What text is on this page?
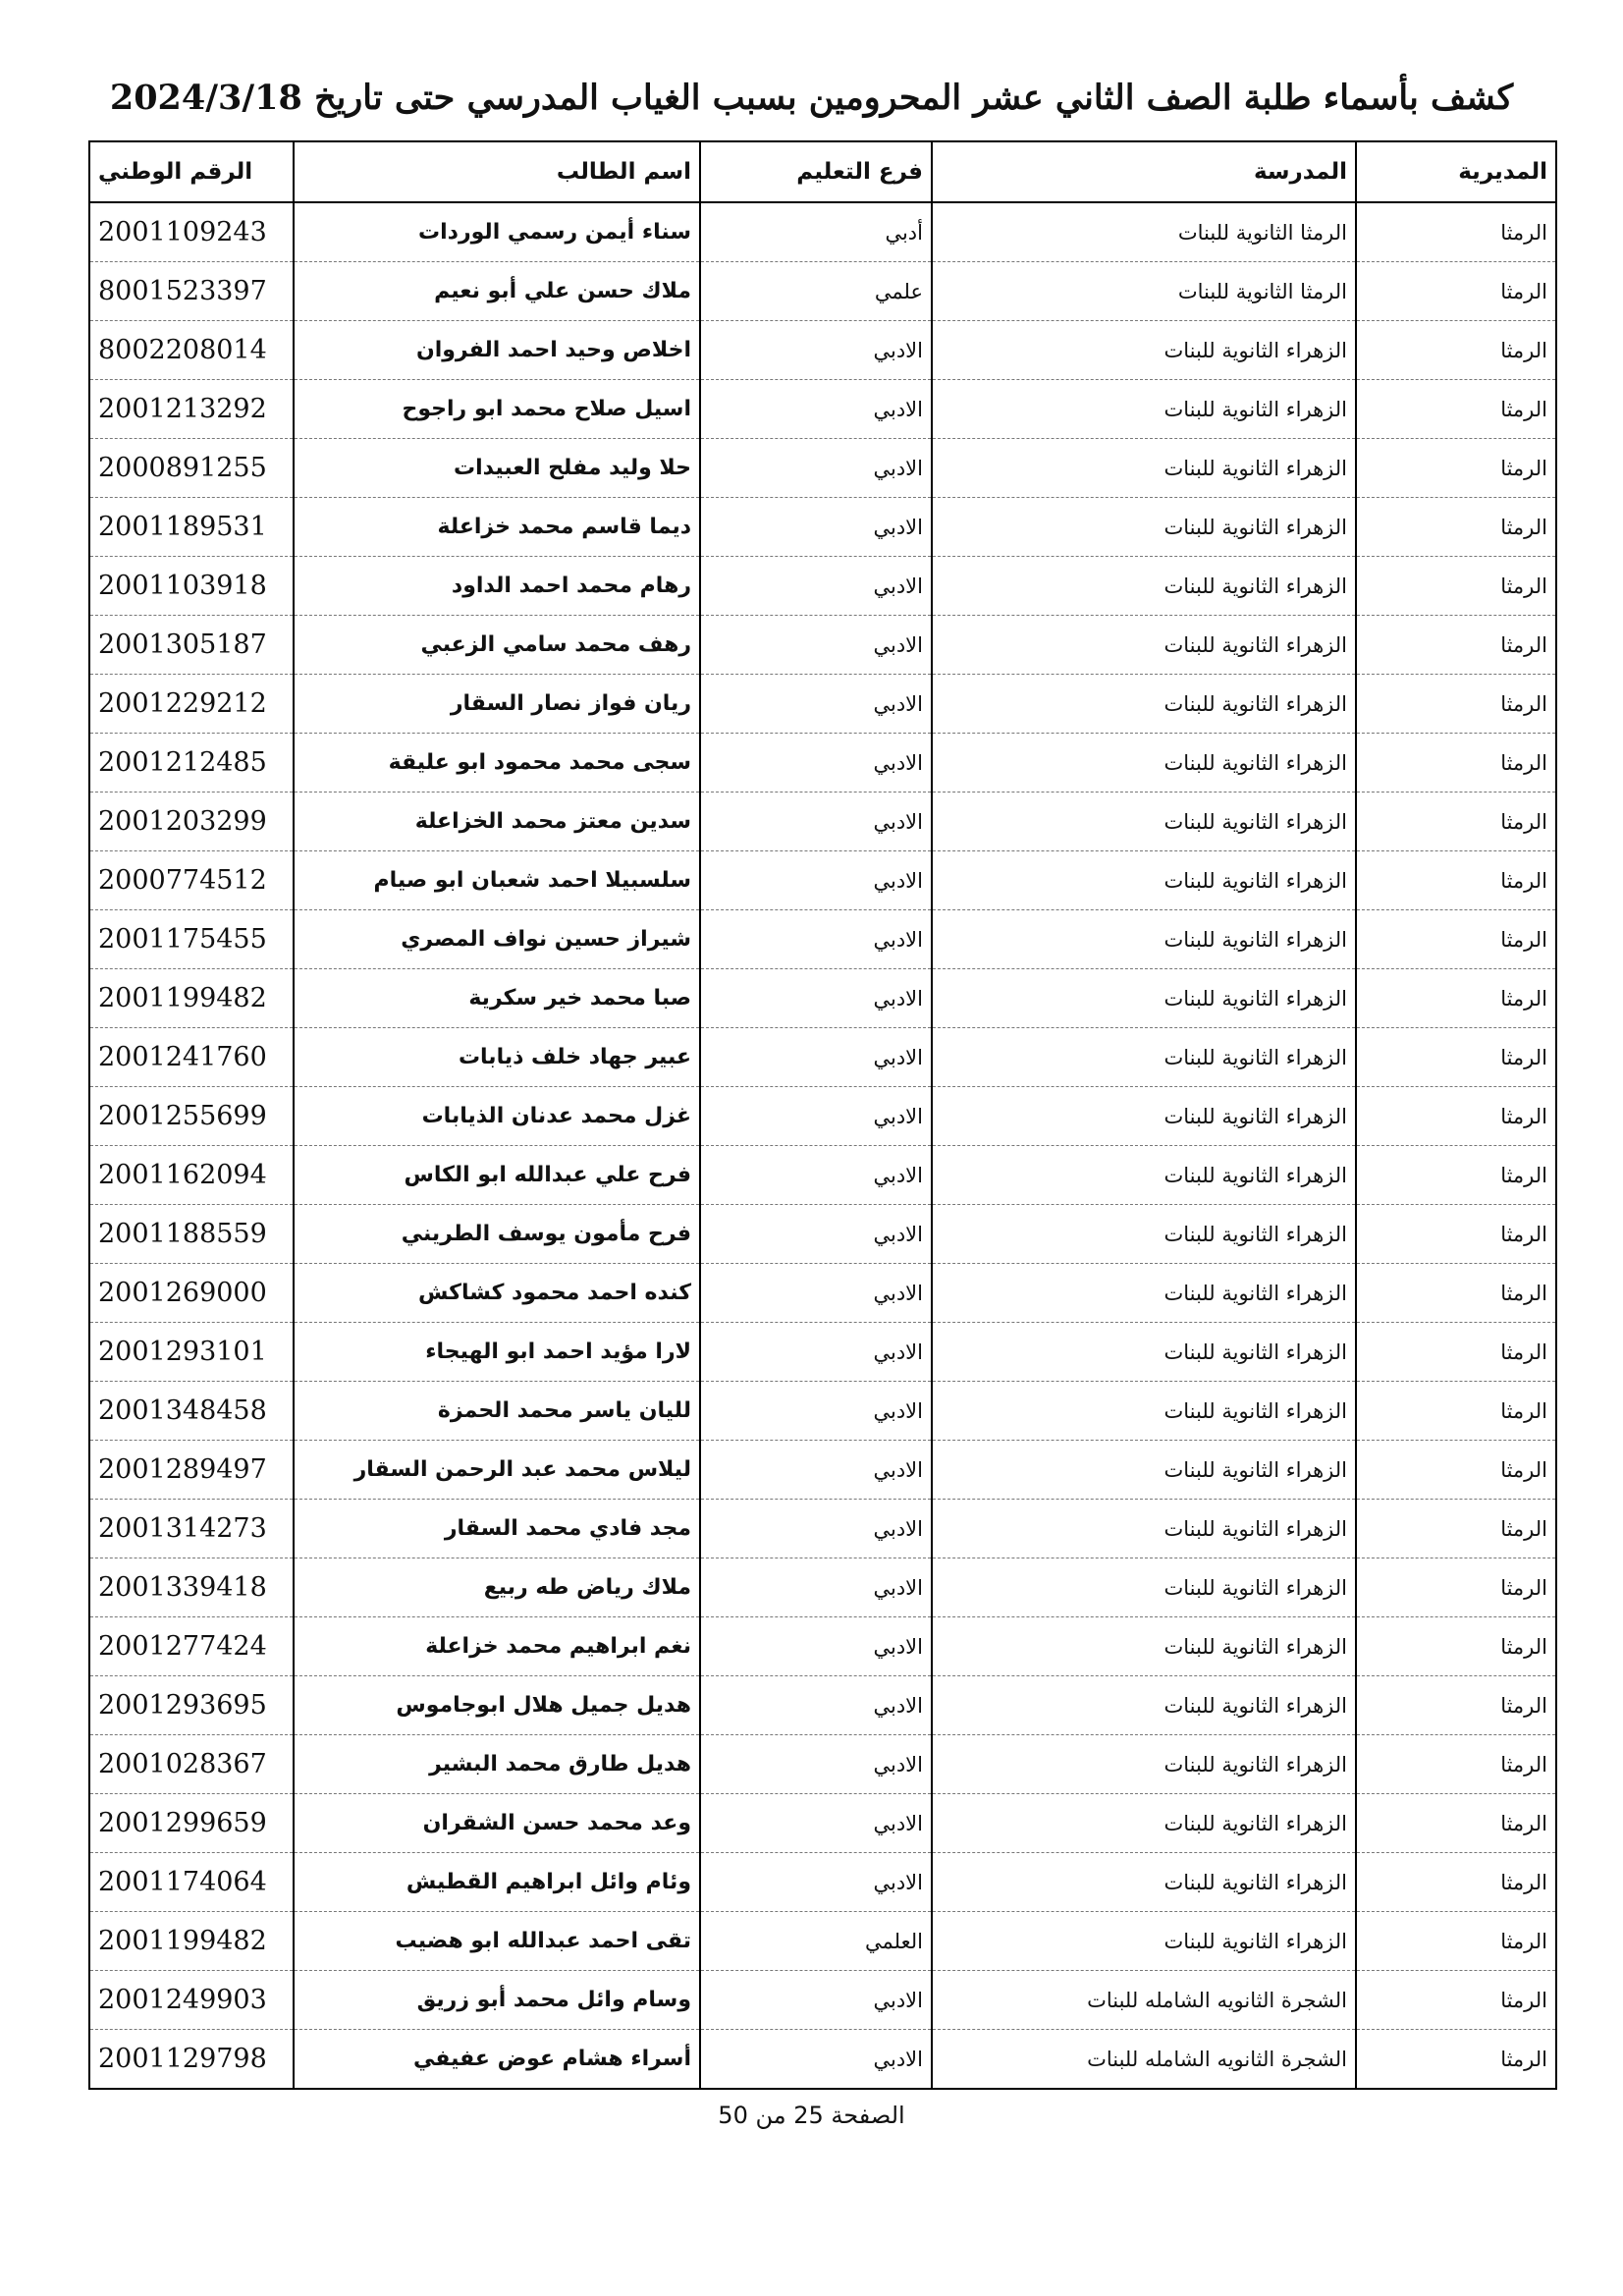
كشف بأسماء طلبة الصف الثاني عشر المحرومين بسبب الغياب المدرسي حتى تاريخ 2024/3/18
المديرية	المدرسة	فرع التعليم	اسم الطالب	الرقم الوطني
الرمثا	الرمثا الثانوية للبنات	أدبي	سناء أيمن رسمي الوردات	2001109243
الرمثا	الرمثا الثانوية للبنات	علمي	ملاك حسن علي أبو نعيم	8001523397
الرمثا	الزهراء الثانوية للبنات	الادبي	اخلاص وحيد احمد الفروان	8002208014
الرمثا	الزهراء الثانوية للبنات	الادبي	اسيل صلاح محمد ابو راجوح	2001213292
الرمثا	الزهراء الثانوية للبنات	الادبي	حلا وليد مفلح العبيدات	2000891255
الرمثا	الزهراء الثانوية للبنات	الادبي	ديما قاسم محمد خزاعلة	2001189531
الرمثا	الزهراء الثانوية للبنات	الادبي	رهام محمد احمد الداود	2001103918
الرمثا	الزهراء الثانوية للبنات	الادبي	رهف محمد سامي الزعبي	2001305187
الرمثا	الزهراء الثانوية للبنات	الادبي	ريان فواز نصار السقار	2001229212
الرمثا	الزهراء الثانوية للبنات	الادبي	سجى محمد محمود ابو عليقة	2001212485
الرمثا	الزهراء الثانوية للبنات	الادبي	سدين معتز محمد الخزاعلة	2001203299
الرمثا	الزهراء الثانوية للبنات	الادبي	سلسبيلا احمد شعبان ابو صيام	2000774512
الرمثا	الزهراء الثانوية للبنات	الادبي	شيراز حسين نواف المصري	2001175455
الرمثا	الزهراء الثانوية للبنات	الادبي	صبا محمد خير سكرية	2001199482
الرمثا	الزهراء الثانوية للبنات	الادبي	عبير جهاد خلف ذيابات	2001241760
الرمثا	الزهراء الثانوية للبنات	الادبي	غزل محمد عدنان الذيابات	2001255699
الرمثا	الزهراء الثانوية للبنات	الادبي	فرح علي عبدالله ابو الكاس	2001162094
الرمثا	الزهراء الثانوية للبنات	الادبي	فرح مأمون يوسف الطريني	2001188559
الرمثا	الزهراء الثانوية للبنات	الادبي	كنده احمد محمود كشاكش	2001269000
الرمثا	الزهراء الثانوية للبنات	الادبي	لارا مؤيد احمد ابو الهيجاء	2001293101
الرمثا	الزهراء الثانوية للبنات	الادبي	لليان ياسر محمد الحمزة	2001348458
الرمثا	الزهراء الثانوية للبنات	الادبي	ليلاس محمد عبد الرحمن السقار	2001289497
الرمثا	الزهراء الثانوية للبنات	الادبي	مجد فادي محمد السقار	2001314273
الرمثا	الزهراء الثانوية للبنات	الادبي	ملاك رياض طه ربيع	2001339418
الرمثا	الزهراء الثانوية للبنات	الادبي	نغم ابراهيم محمد خزاعلة	2001277424
الرمثا	الزهراء الثانوية للبنات	الادبي	هديل جميل هلال ابوجاموس	2001293695
الرمثا	الزهراء الثانوية للبنات	الادبي	هديل طارق محمد البشير	2001028367
الرمثا	الزهراء الثانوية للبنات	الادبي	وعد محمد حسن الشقران	2001299659
الرمثا	الزهراء الثانوية للبنات	الادبي	وئام وائل ابراهيم القطيش	2001174064
الرمثا	الزهراء الثانوية للبنات	العلمي	تقى احمد عبدالله ابو هضيب	2001199482
الرمثا	الشجرة الثانويه الشامله للبنات	الادبي	وسام وائل محمد أبو زريق	2001249903
الرمثا	الشجرة الثانويه الشامله للبنات	الادبي	أسراء هشام عوض عفيفي	2001129798
الصفحة 25 من 50
